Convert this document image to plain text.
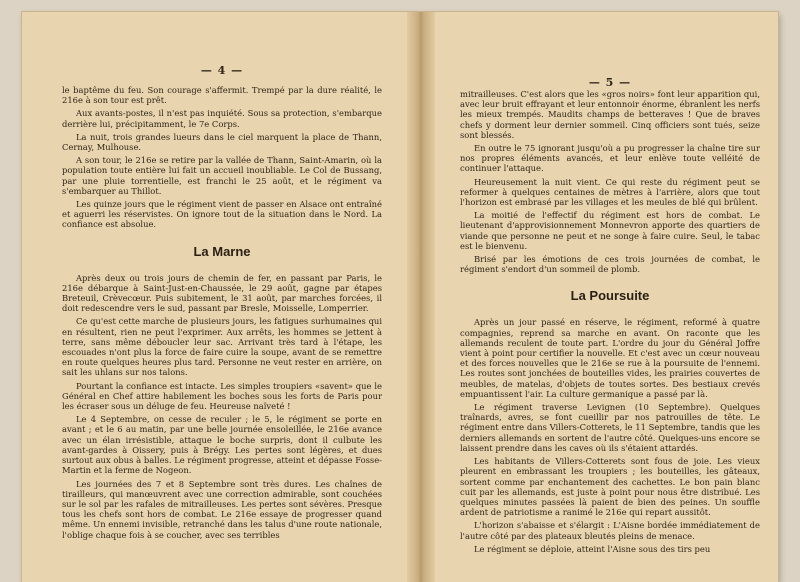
— 4 —

le baptême du feu. Son courage s'affermit. Trempé par la dure réalité, le 216e à son tour est prêt.

Aux avants-postes, il n'est pas inquiété. Sous sa protection, s'embarque derrière lui, précipitamment, le 7e Corps.

La nuit, trois grandes lueurs dans le ciel marquent la place de Thann, Cernay, Mulhouse.

A son tour, le 216e se retire par la vallée de Thann, Saint-Amarin, où la population toute entière lui fait un accueil inoubliable. Le Col de Bussang, par une pluie torrentielle, est franchi le 25 août, et le régiment va s'embarquer au Thillot.

Les quinze jours que le régiment vient de passer en Alsace ont entraîné et aguerri les réservistes. On ignore tout de la situation dans le Nord. La confiance est absolue.

La Marne

Après deux ou trois jours de chemin de fer, en passant par Paris, le 216e débarque à Saint-Just-en-Chaussée, le 29 août, gagne par étapes Breteuil, Crèvecœur. Puis subitement, le 31 août, par marches forcées, il doit redescendre vers le sud, passant par Bresle, Moisselle, Lomperrier.

Ce qu'est cette marche de plusieurs jours, les fatigues surhumaines qui en résultent, rien ne peut l'exprimer. Aux arrêts, les hommes se jettent à terre, sans même déboucler leur sac. Arrivant très tard à l'étape, les escouades n'ont plus la force de faire cuire la soupe, avant de se remettre en route quelques heures plus tard. Personne ne veut rester en arrière, on sait les uhlans sur nos talons.

Pourtant la confiance est intacte. Les simples troupiers «savent» que le Général en Chef attire habilement les boches sous les forts de Paris pour les écraser sous un déluge de feu. Heureuse naïveté !

Le 4 Septembre, on cesse de reculer ; le 5, le régiment se porte en avant ; et le 6 au matin, par une belle journée ensoleillée, le 216e avance avec un élan irrésistible, attaque le boche surpris, dont il culbute les avant-gardes à Oissery, puis à Brégy. Les pertes sont légères, et dues surtout aux obus à balles. Le régiment progresse, atteint et dépasse Fosse-Martin et la ferme de Nogeon.

Les journées des 7 et 8 Septembre sont très dures. Les chaînes de tirailleurs, qui manœuvrent avec une correction admirable, sont couchées sur le sol par les rafales de mitrailleuses. Les pertes sont sévères. Presque tous les chefs sont hors de combat. Le 216e essaye de progresser quand même. Un ennemi invisible, retranché dans les talus d'une route nationale, l'oblige chaque fois à se coucher, avec ses terribles

— 5 —

mitrailleuses. C'est alors que les «gros noirs» font leur apparition qui, avec leur bruit effrayant et leur entonnoir énorme, ébranlent les nerfs les mieux trempés. Maudits champs de betteraves ! Que de braves chefs y dorment leur dernier sommeil. Cinq officiers sont tués, seize sont blessés.

En outre le 75 ignorant jusqu'où a pu progresser la chaîne tire sur nos propres éléments avancés, et leur enlève toute velléité de continuer l'attaque.

Heureusement la nuit vient. Ce qui reste du régiment peut se reformer à quelques centaines de mètres à l'arrière, alors que tout l'horizon est embrasé par les villages et les meules de blé qui brûlent.

La moitié de l'effectif du régiment est hors de combat. Le lieutenant d'approvisionnement Monnevron apporte des quartiers de viande que personne ne peut et ne songe à faire cuire. Seul, le tabac est le bienvenu.

Brisé par les émotions de ces trois journées de combat, le régiment s'endort d'un sommeil de plomb.

La Poursuite

Après un jour passé en réserve, le régiment, reformé à quatre compagnies, reprend sa marche en avant. On raconte que les allemands reculent de toute part. L'ordre du jour du Général Joffre vient à point pour certifier la nouvelle. Et c'est avec un cœur nouveau et des forces nouvelles que le 216e se rue à la poursuite de l'ennemi. Les routes sont jonchées de bouteilles vides, les prairies couvertes de meubles, de matelas, d'objets de toutes sortes. Des bestiaux crevés empuantissent l'air. La culture germanique a passé par là.

Le régiment traverse Levignen (10 Septembre). Quelques traînards, avres, se font cueillir par nos patrouilles de tête. Le régiment entre dans Villers-Cotterets, le 11 Septembre, tandis que les derniers allemands en sortent de l'autre côté. Quelques-uns encore se laissent prendre dans les caves où ils s'étaient attardés.

Les habitants de Villers-Cotterets sont fous de joie. Les vieux pleurent en embrassant les troupiers ; les bouteilles, les gâteaux, sortent comme par enchantement des cachettes. Le bon pain blanc cuit par les allemands, est juste à point pour nous être distribué. Les quelques minutes passées là paient de bien des peines. Un souffle ardent de patriotisme a ranimé le 216e qui repart aussitôt.

L'horizon s'abaisse et s'élargit : L'Aisne bordée immédiatement de l'autre côté par des plateaux bleutés pleins de menace.

Le régiment se déploie, atteint l'Aisne sous des tirs peu
